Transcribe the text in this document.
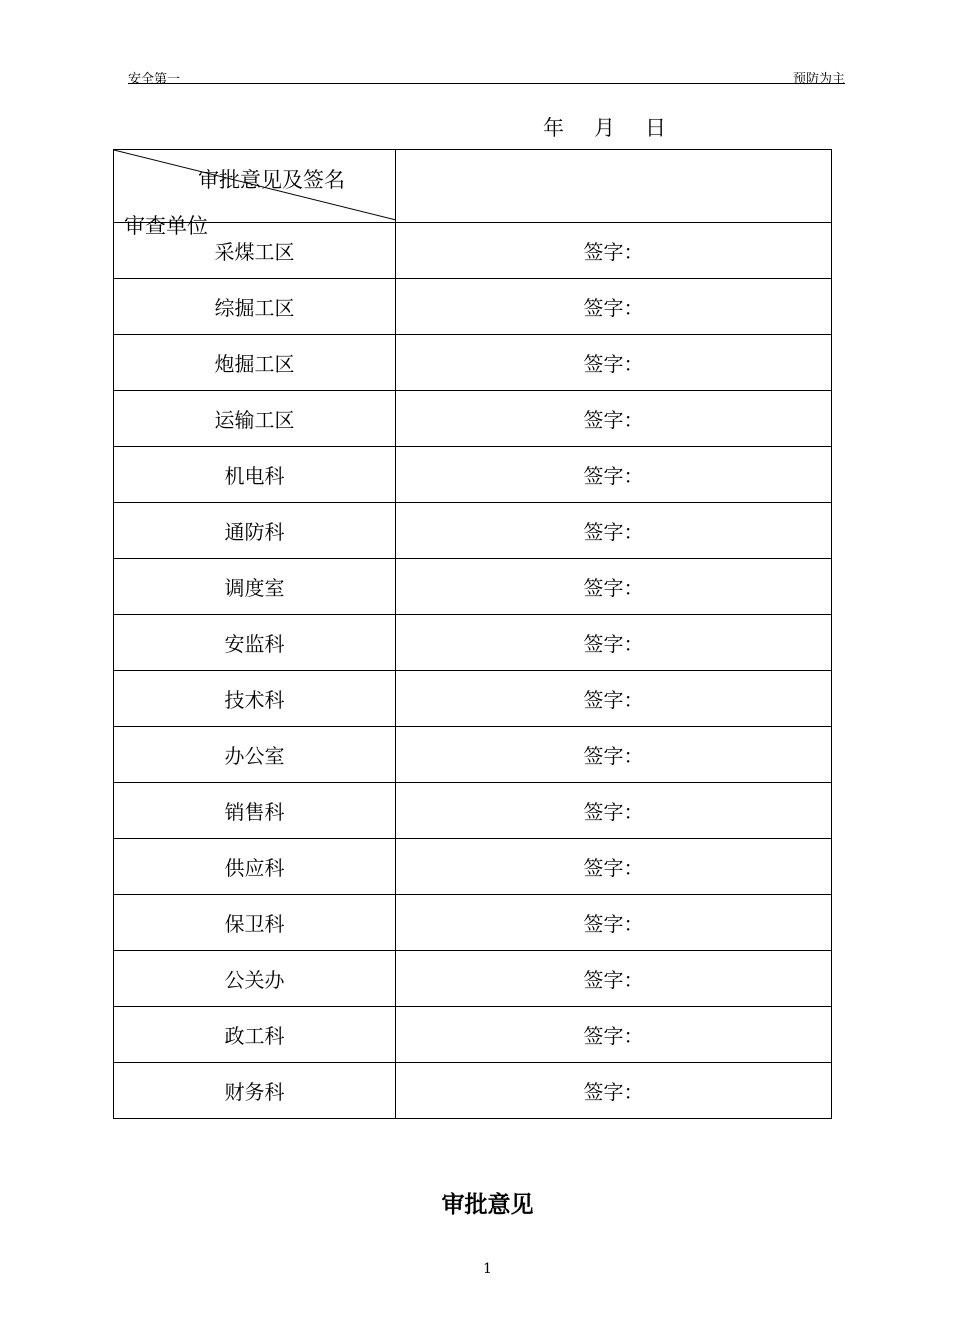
安全第一	预防为主
年 月 日
审批意见及签名
审查单位	

采煤工区	签字：
综掘工区	签字：
炮掘工区	签字：
运输工区	签字：
机电科	签字：
通防科	签字：
调度室	签字：
安监科	签字：
技术科	签字：
办公室	签字：
销售科	签字：
供应科	签字：
保卫科	签字：
公关办	签字：
政工科	签字：
财务科	签字：
审批意见
1
